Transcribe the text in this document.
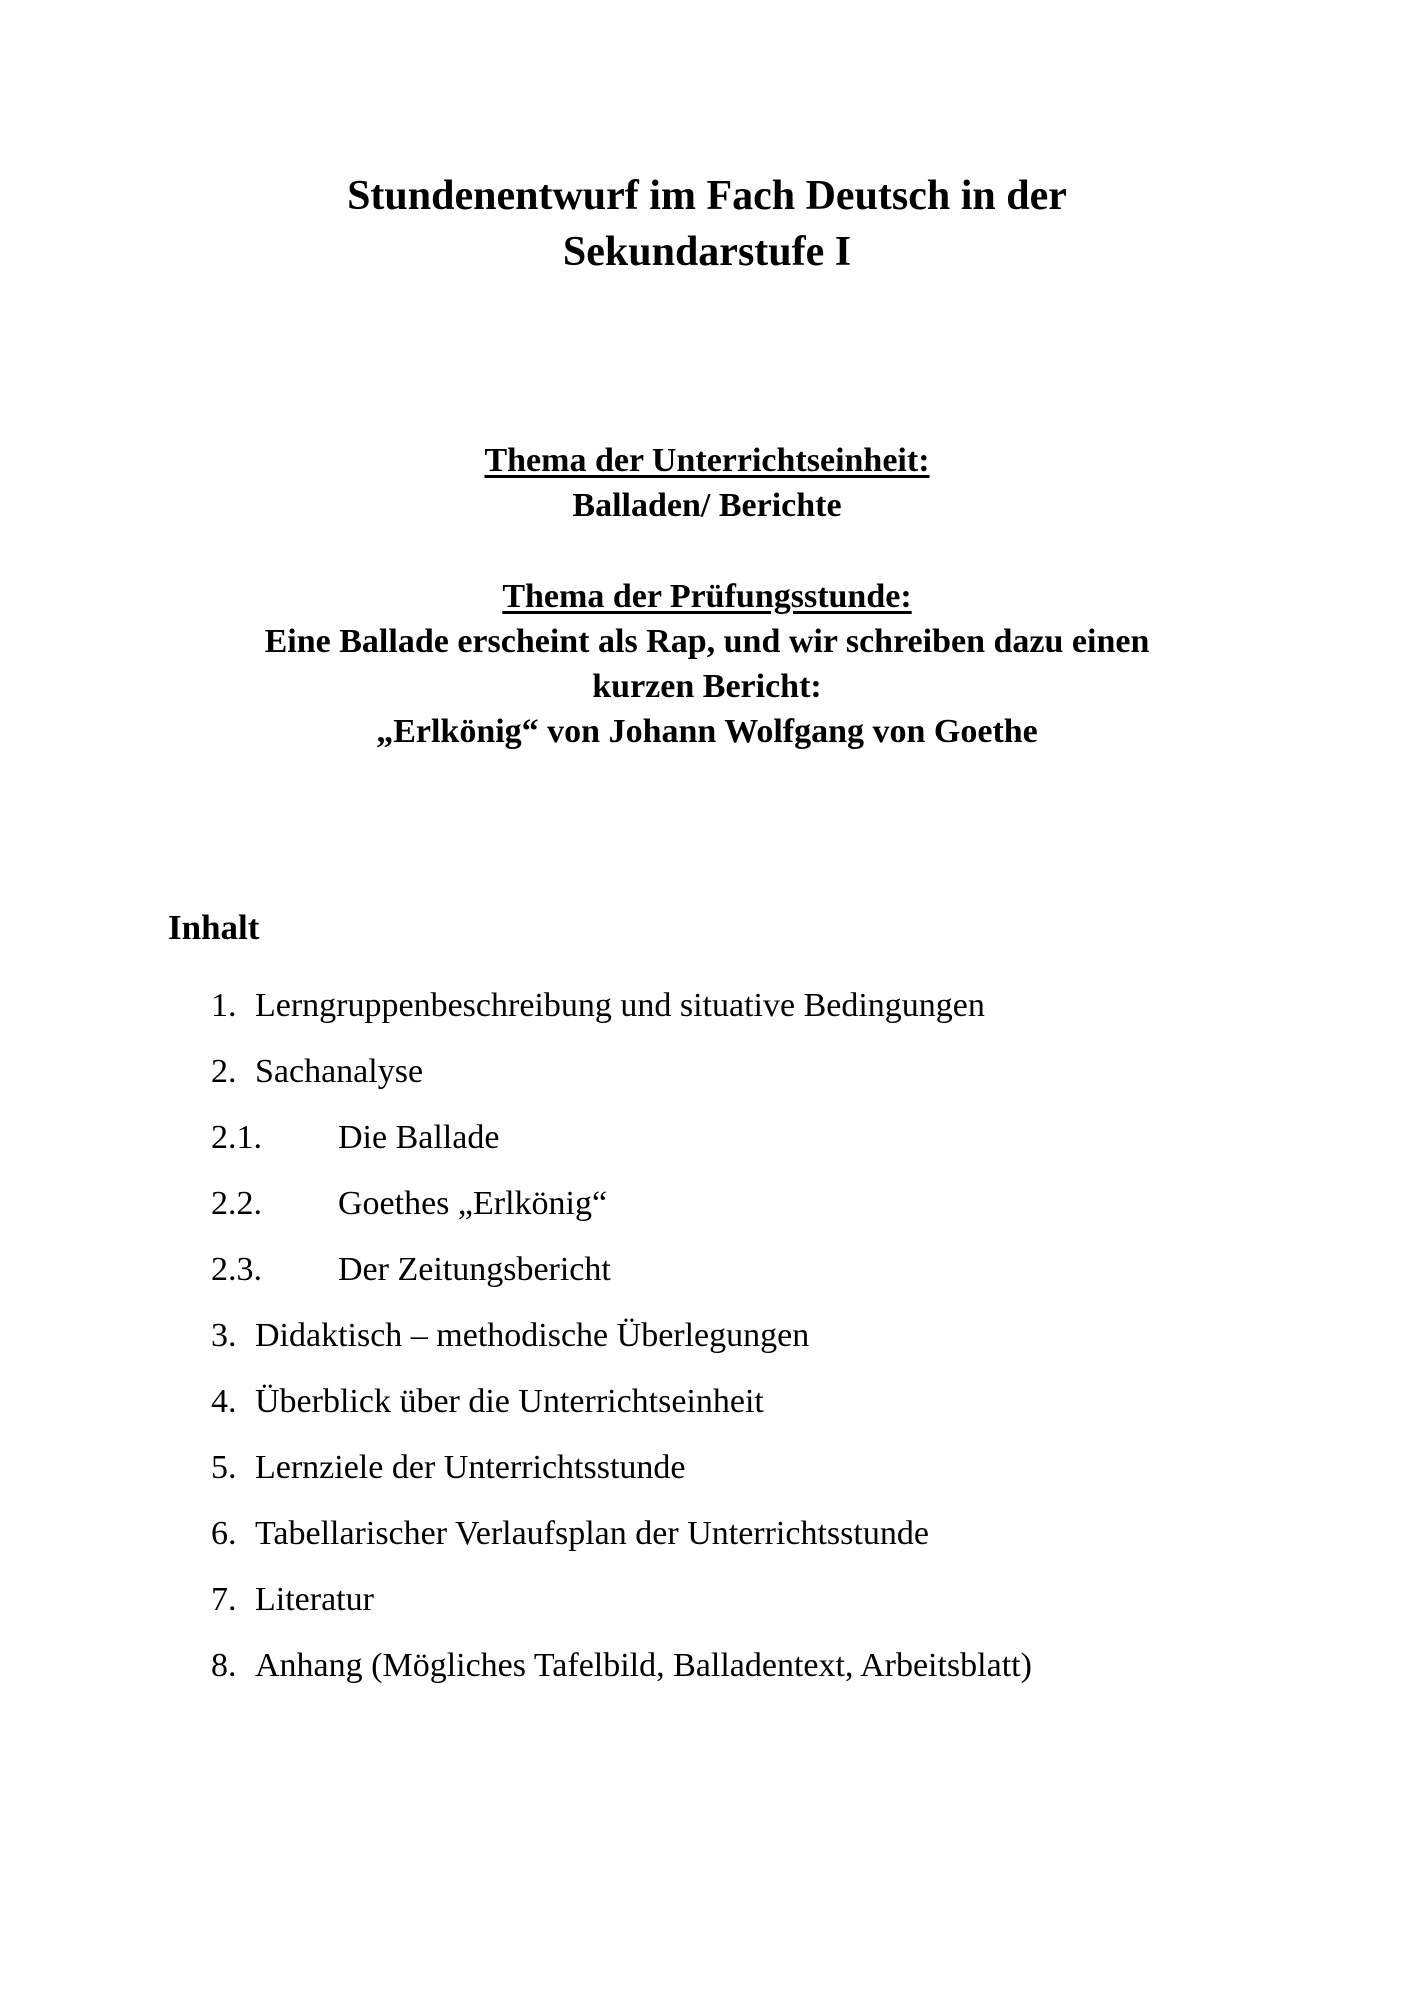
Stundenentwurf im Fach Deutsch in der
Sekundarstufe I
Thema der Unterrichtseinheit:
Balladen/ Berichte
Thema der Prüfungsstunde:
Eine Ballade erscheint als Rap, und wir schreiben dazu einen
kurzen Bericht:
„Erlkönig“ von Johann Wolfgang von Goethe
Inhalt
1. Lerngruppenbeschreibung und situative Bedingungen
2. Sachanalyse
2.1. Die Ballade
2.2. Goethes „Erlkönig“
2.3. Der Zeitungsbericht
3. Didaktisch – methodische Überlegungen
4. Überblick über die Unterrichtseinheit
5. Lernziele der Unterrichtsstunde
6. Tabellarischer Verlaufsplan der Unterrichtsstunde
7. Literatur
8. Anhang (Mögliches Tafelbild, Balladentext, Arbeitsblatt)
